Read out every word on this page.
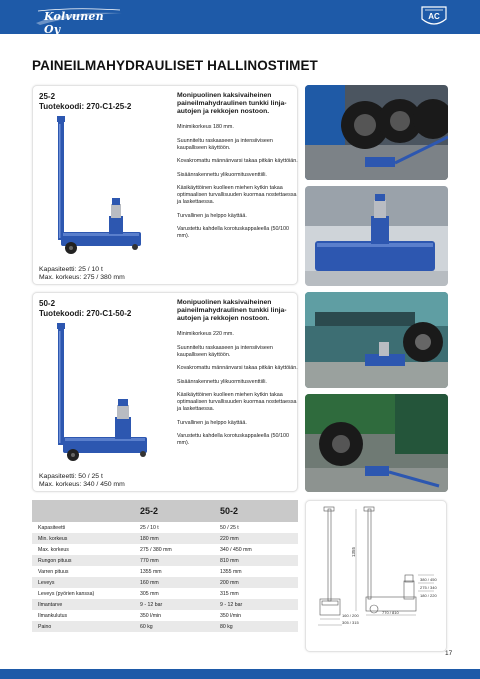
Kolvunen Oy
AC
PAINEILMAHYDRAULISET HALLINOSTIMET
25-2
Tuotekoodi: 270-C1-25-2
Kapasiteetti: 25 / 10 t
Max. korkeus: 275 / 380 mm
Monipuolinen kaksivaiheinen paineilmahydraulinen tunkki linja-autojen ja rekkojen nostoon.
Minimikorkeus 180 mm.
Suunniteltu raskaaseen ja intensiiviseen kaupalliseen käyttöön.
Kovakromattu männänvarsi takaa pitkän käyttöiän.
Sisäänrakennettu ylikuormitusventtiili.
Käsikäyttöinen kuolleen miehen kytkin takaa optimaalisen turvallisuuden kuormaa nostettaessa ja laskettaessa.
Turvallinen ja helppo käyttää.
Varustettu kahdella korotuskappaleella (50/100 mm).
50-2
Tuotekoodi: 270-C1-50-2
Kapasiteetti: 50 / 25 t
Max. korkeus: 340 / 450 mm
Monipuolinen kaksivaiheinen paineilmahydraulinen tunkki linja-autojen ja rekkojen nostoon.
Minimikorkeus 220 mm.
Suunniteltu raskaaseen ja intensiiviseen kaupalliseen käyttöön.
Kovakromattu männänvarsi takaa pitkän käyttöiän.
Sisäänrakennettu ylikuormitusventtiili.
Käsikäyttöinen kuolleen miehen kytkin takaa optimaalisen turvallisuuden kuormaa nostettaessa ja laskettaessa.
Turvallinen ja helppo käyttää.
Varustettu kahdella korotuskappaleella (50/100 mm).
25-2	50-2
Kapasiteetti	25 / 10 t	50 / 25 t
Min. korkeus	180 mm	220 mm
Max. korkeus	275 / 380 mm	340 / 450 mm
Rungon pituus	770 mm	810 mm
Varren pituus	1355 mm	1355 mm
Leveys	160 mm	200 mm
Leveys (pyörien kanssa)	305 mm	315 mm
Ilmantarve	9 - 12 bar	9 - 12 bar
Ilmankulutus	350 l/min	350 l/min
Paino	60 kg	80 kg
1355
380 / 450
275 / 340
180 / 220
160 / 200
305 / 315
770 / 810
17
